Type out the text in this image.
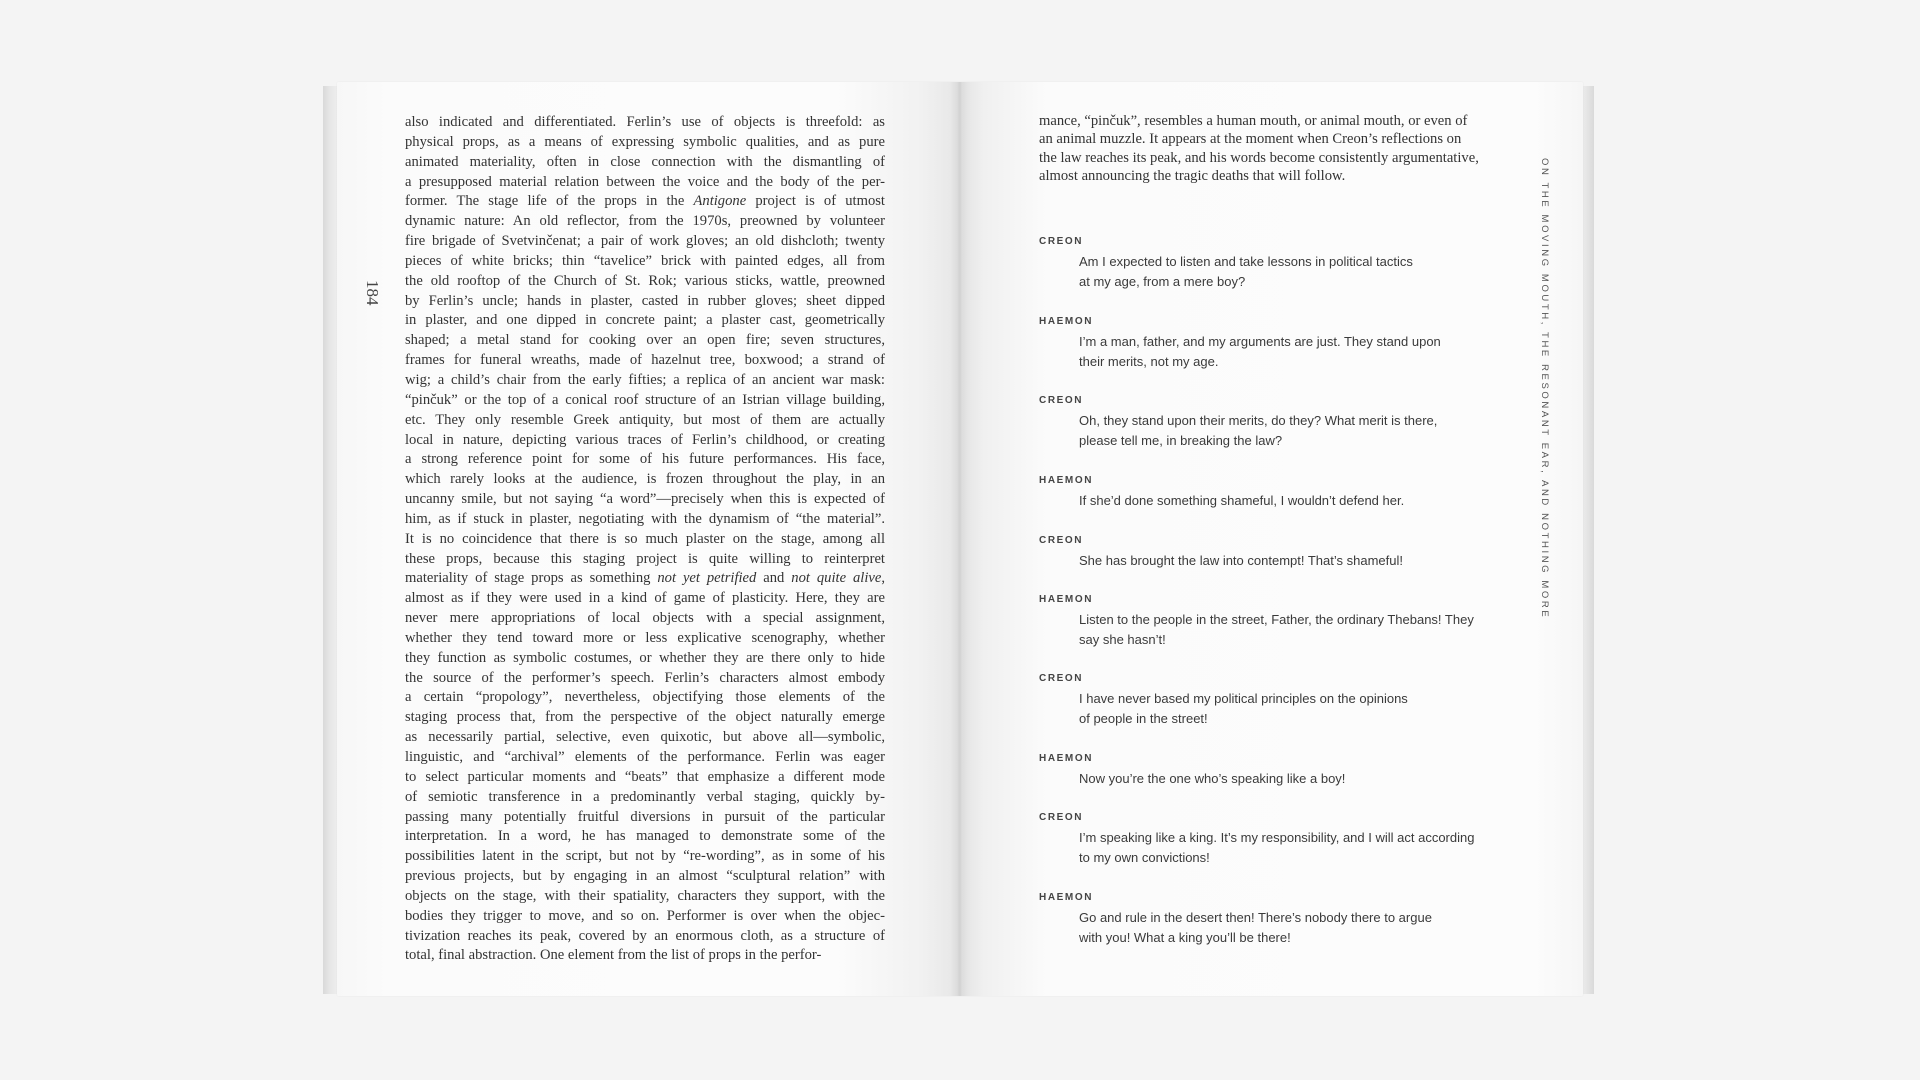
184
also indicated and differentiated. Ferlin’s use of objects is threefold: as
physical props, as a means of expressing symbolic qualities, and as pure
animated materiality, often in close connection with the dismantling of
a presupposed material relation between the voice and the body of the per-
former. The stage life of the props in the Antigone project is of utmost
dynamic nature: An old reflector, from the 1970s, preowned by volunteer
fire brigade of Svetvinčenat; a pair of work gloves; an old dishcloth; twenty
pieces of white bricks; thin “tavelice” brick with painted edges, all from
the old rooftop of the Church of St. Rok; various sticks, wattle, preowned
by Ferlin’s uncle; hands in plaster, casted in rubber gloves; sheet dipped
in plaster, and one dipped in concrete paint; a plaster cast, geometrically
shaped; a metal stand for cooking over an open fire; seven structures,
frames for funeral wreaths, made of hazelnut tree, boxwood; a strand of
wig; a child’s chair from the early fifties; a replica of an ancient war mask:
“pinčuk” or the top of a conical roof structure of an Istrian village building,
etc. They only resemble Greek antiquity, but most of them are actually
local in nature, depicting various traces of Ferlin’s childhood, or creating
a strong reference point for some of his future performances. His face,
which rarely looks at the audience, is frozen throughout the play, in an
uncanny smile, but not saying “a word”—precisely when this is expected of
him, as if stuck in plaster, negotiating with the dynamism of “the material”.
It is no coincidence that there is so much plaster on the stage, among all
these props, because this staging project is quite willing to reinterpret
materiality of stage props as something not yet petrified and not quite alive,
almost as if they were used in a kind of game of plasticity. Here, they are
never mere appropriations of local objects with a special assignment,
whether they tend toward more or less explicative scenography, whether
they function as symbolic costumes, or whether they are there only to hide
the source of the performer’s speech. Ferlin’s characters almost embody
a certain “propology”, nevertheless, objectifying those elements of the
staging process that, from the perspective of the object naturally emerge
as necessarily partial, selective, even quixotic, but above all—symbolic,
linguistic, and “archival” elements of the performance. Ferlin was eager
to select particular moments and “beats” that emphasize a different mode
of semiotic transference in a predominantly verbal staging, quickly by-
passing many potentially fruitful diversions in pursuit of the particular
interpretation. In a word, he has managed to demonstrate some of the
possibilities latent in the script, but not by “re-wording”, as in some of his
previous projects, but by engaging in an almost “sculptural relation” with
objects on the stage, with their spatiality, characters they support, with the
bodies they trigger to move, and so on. Performer is over when the objec-
tivization reaches its peak, covered by an enormous cloth, as a structure of
total, final abstraction. One element from the list of props in the perfor-
mance, “pinčuk”, resembles a human mouth, or animal mouth, or even of
an animal muzzle. It appears at the moment when Creon’s reflections on
the law reaches its peak, and his words become consistently argumentative,
almost announcing the tragic deaths that will follow.
CREON
Am I expected to listen and take lessons in political tactics
at my age, from a mere boy?
HAEMON
I’m a man, father, and my arguments are just. They stand upon
their merits, not my age.
CREON
Oh, they stand upon their merits, do they? What merit is there,
please tell me, in breaking the law?
HAEMON
If she’d done something shameful, I wouldn’t defend her.
CREON
She has brought the law into contempt! That’s shameful!
HAEMON
Listen to the people in the street, Father, the ordinary Thebans! They
say she hasn’t!
CREON
I have never based my political principles on the opinions
of people in the street!
HAEMON
Now you’re the one who’s speaking like a boy!
CREON
I’m speaking like a king. It’s my responsibility, and I will act according
to my own convictions!
HAEMON
Go and rule in the desert then! There’s nobody there to argue
with you! What a king you’ll be there!
ON THE MOVING MOUTH, THE RESONANT EAR, AND NOTHING MORE
